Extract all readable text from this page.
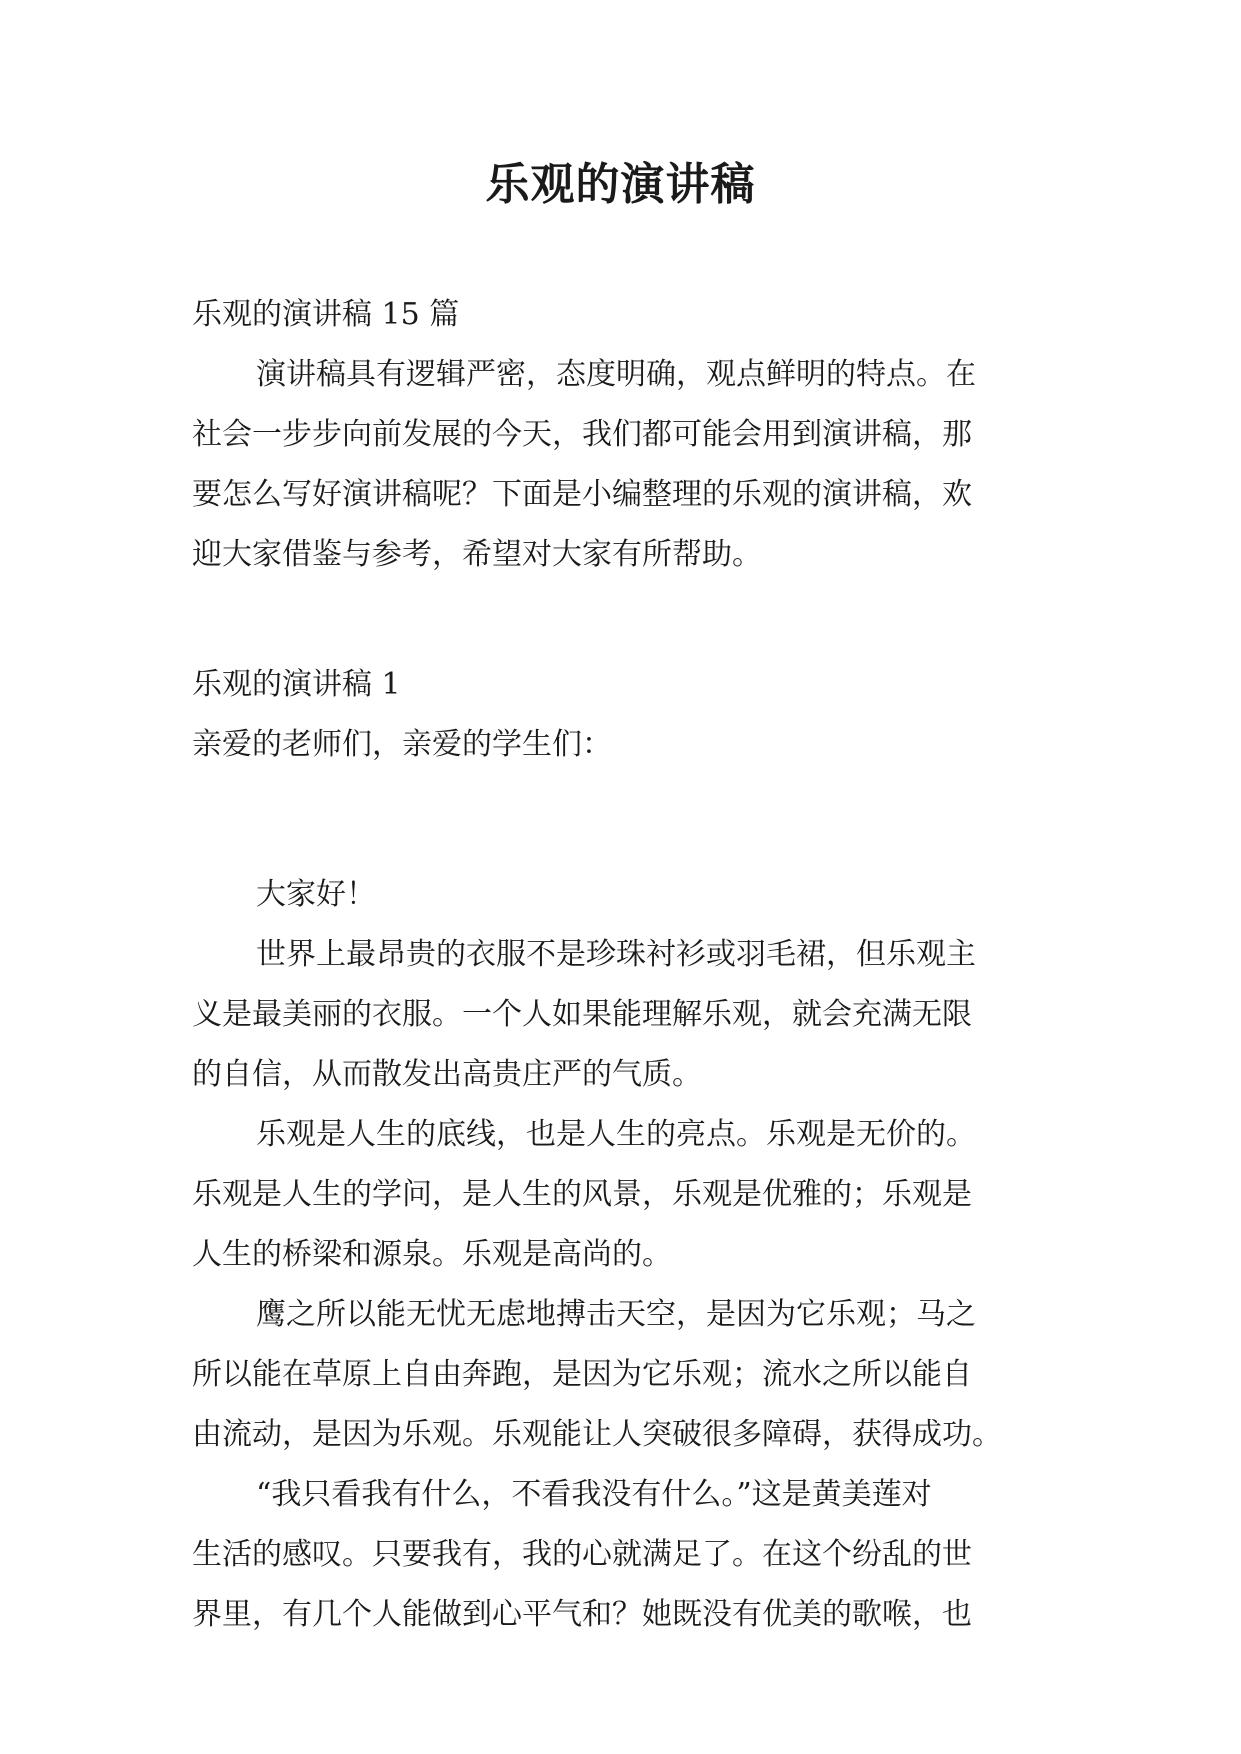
乐观的演讲稿
乐观的演讲稿 15 篇
演讲稿具有逻辑严密，态度明确，观点鲜明的特点。在
社会一步步向前发展的今天，我们都可能会用到演讲稿，那
要怎么写好演讲稿呢？下面是小编整理的乐观的演讲稿，欢
迎大家借鉴与参考，希望对大家有所帮助。
乐观的演讲稿 1
亲爱的老师们，亲爱的学生们：
大家好！
世界上最昂贵的衣服不是珍珠衬衫或羽毛裙，但乐观主
义是最美丽的衣服。一个人如果能理解乐观，就会充满无限
的自信，从而散发出高贵庄严的气质。
乐观是人生的底线，也是人生的亮点。乐观是无价的。
乐观是人生的学问，是人生的风景，乐观是优雅的；乐观是
人生的桥梁和源泉。乐观是高尚的。
鹰之所以能无忧无虑地搏击天空，是因为它乐观；马之
所以能在草原上自由奔跑，是因为它乐观；流水之所以能自
由流动，是因为乐观。乐观能让人突破很多障碍，获得成功。
“我只看我有什么，不看我没有什么。”这是黄美莲对
生活的感叹。只要我有，我的心就满足了。在这个纷乱的世
界里，有几个人能做到心平气和？她既没有优美的歌喉，也
